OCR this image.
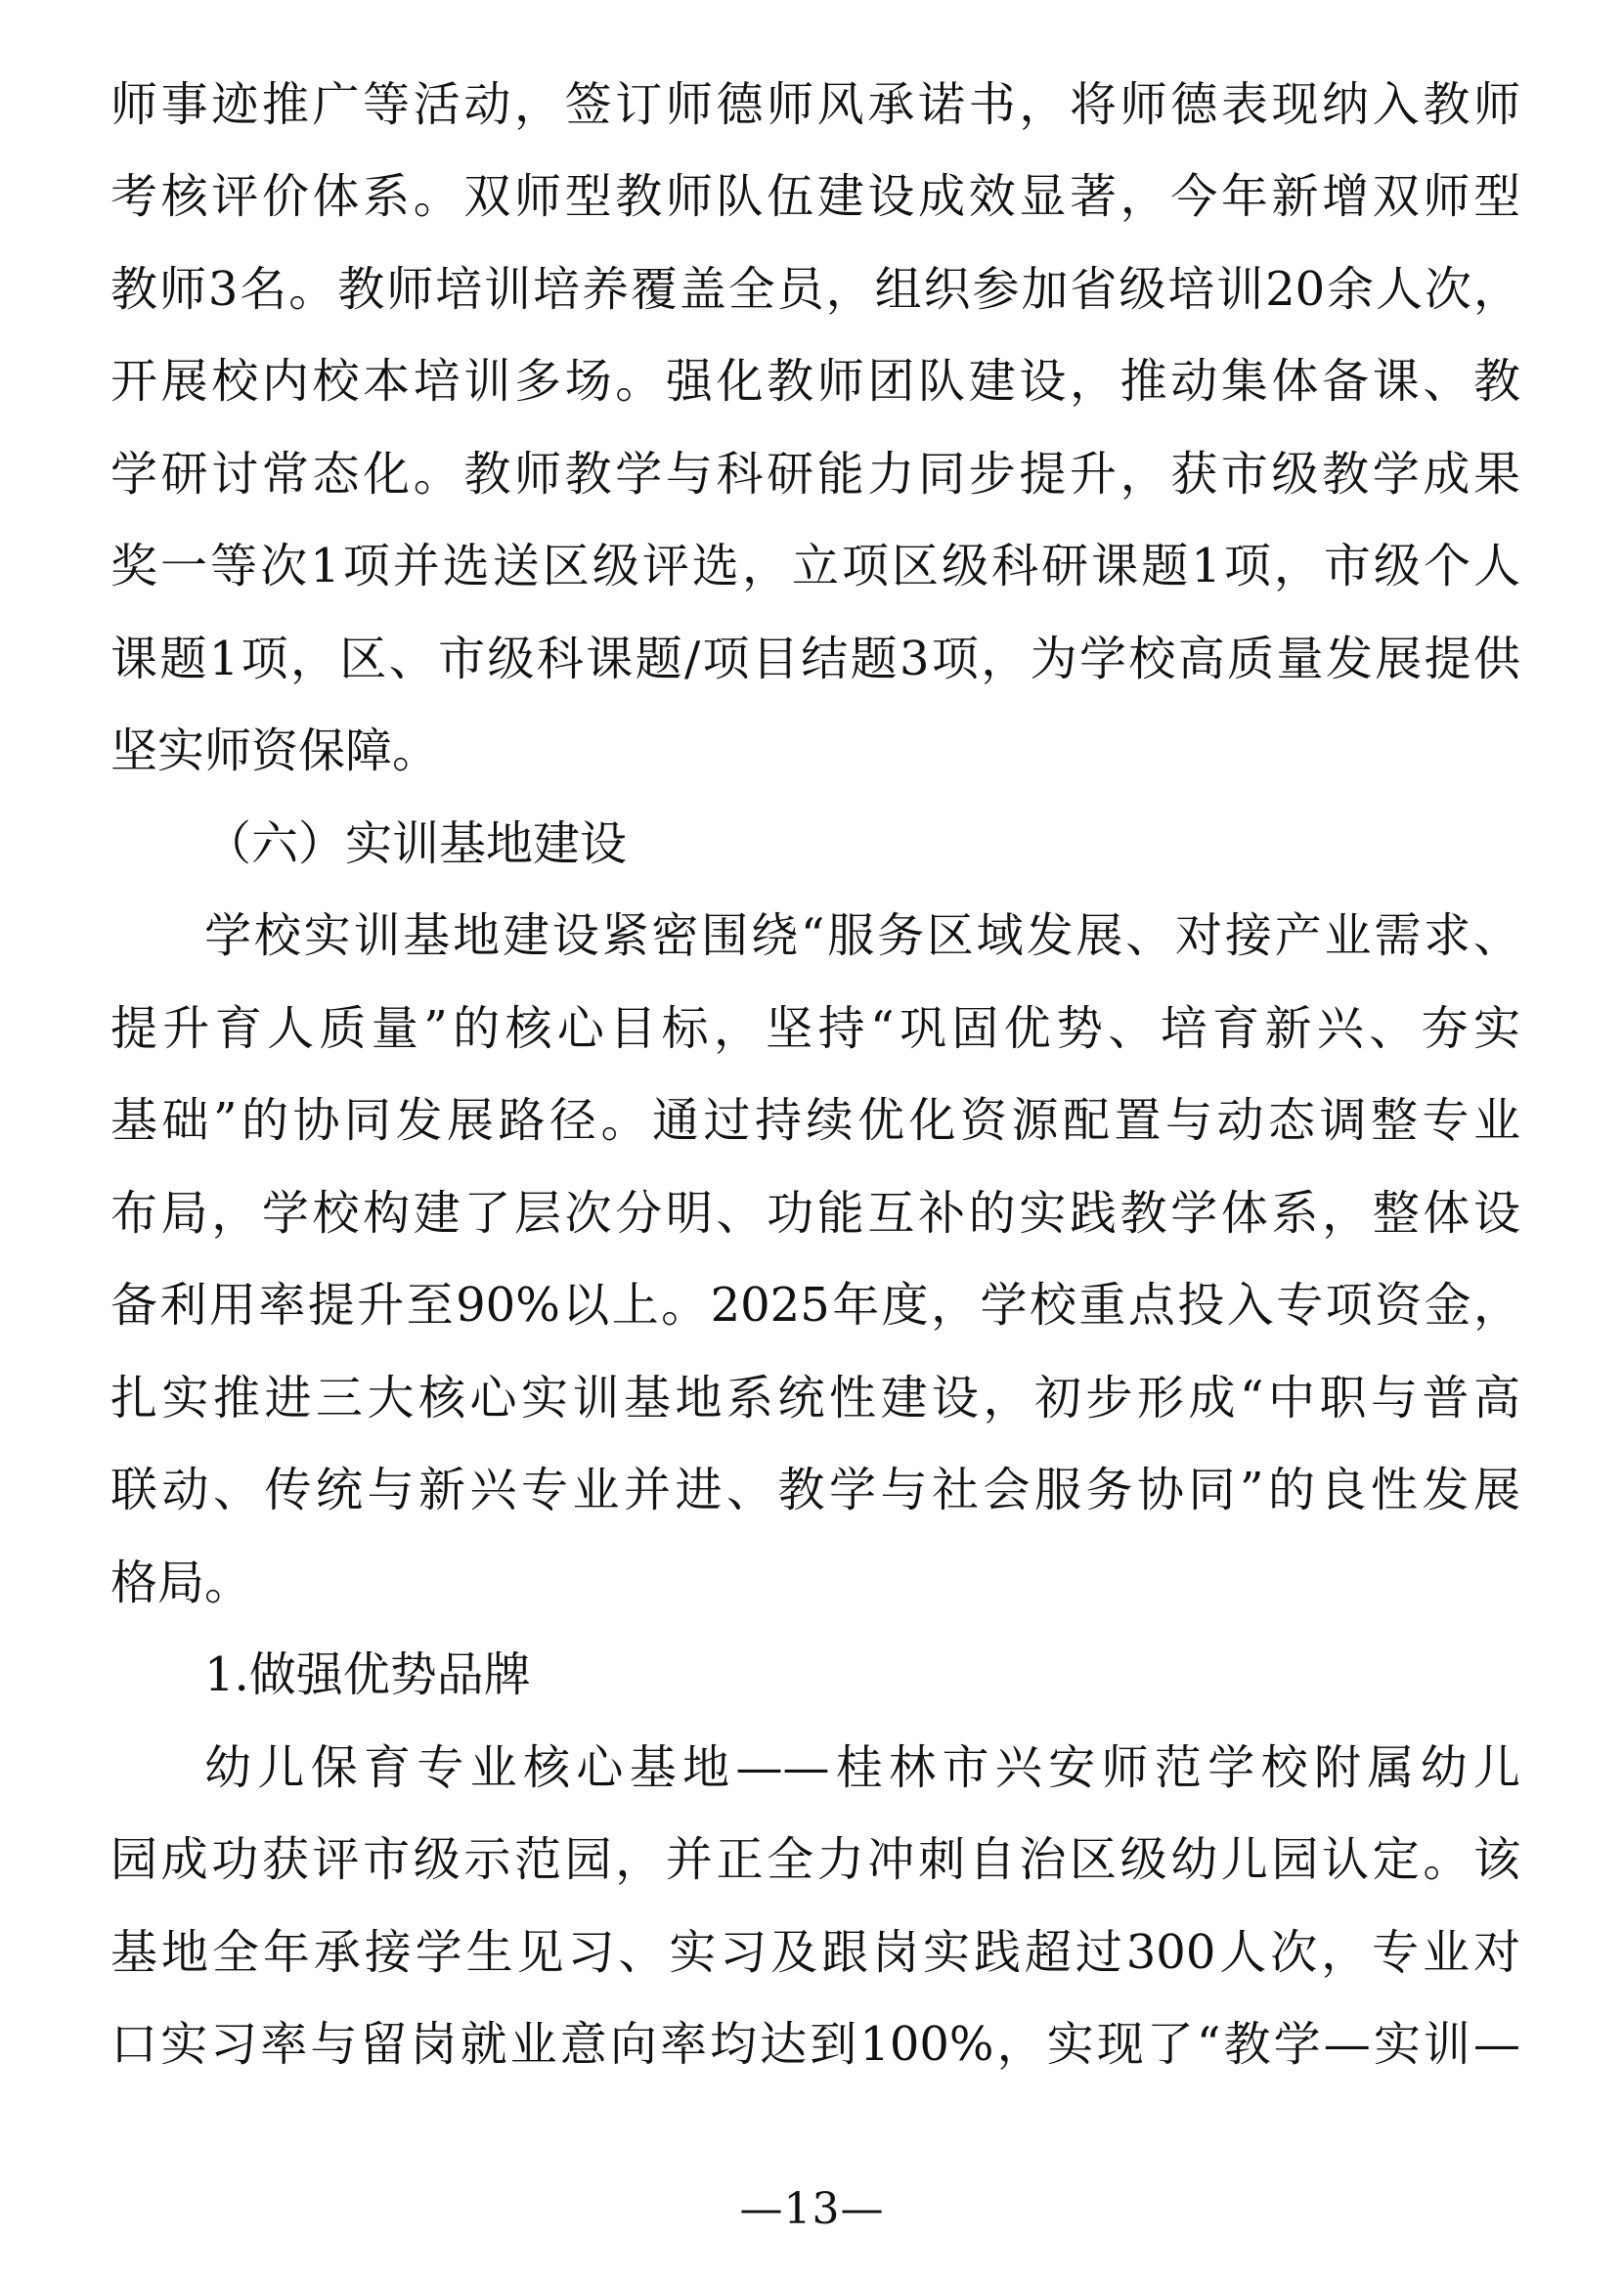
师事迹推广等活动，签订师德师风承诺书，将师德表现纳入教师
考核评价体系。双师型教师队伍建设成效显著，今年新增双师型
教师3名。教师培训培养覆盖全员，组织参加省级培训20余人次，
开展校内校本培训多场。强化教师团队建设，推动集体备课、教
学研讨常态化。教师教学与科研能力同步提升，获市级教学成果
奖一等次1项并选送区级评选，立项区级科研课题1项，市级个人
课题1项，区、市级科课题/项目结题3项，为学校高质量发展提供
坚实师资保障。
（六）实训基地建设
学校实训基地建设紧密围绕“服务区域发展、对接产业需求、
提升育人质量”的核心目标，坚持“巩固优势、培育新兴、夯实
基础”的协同发展路径。通过持续优化资源配置与动态调整专业
布局，学校构建了层次分明、功能互补的实践教学体系，整体设
备利用率提升至90%以上。2025年度，学校重点投入专项资金，
扎实推进三大核心实训基地系统性建设，初步形成“中职与普高
联动、传统与新兴专业并进、教学与社会服务协同”的良性发展
格局。
1.做强优势品牌
幼儿保育专业核心基地——桂林市兴安师范学校附属幼儿
园成功获评市级示范园，并正全力冲刺自治区级幼儿园认定。该
基地全年承接学生见习、实习及跟岗实践超过300人次，专业对
口实习率与留岗就业意向率均达到100%，实现了“教学—实训—
—13—
